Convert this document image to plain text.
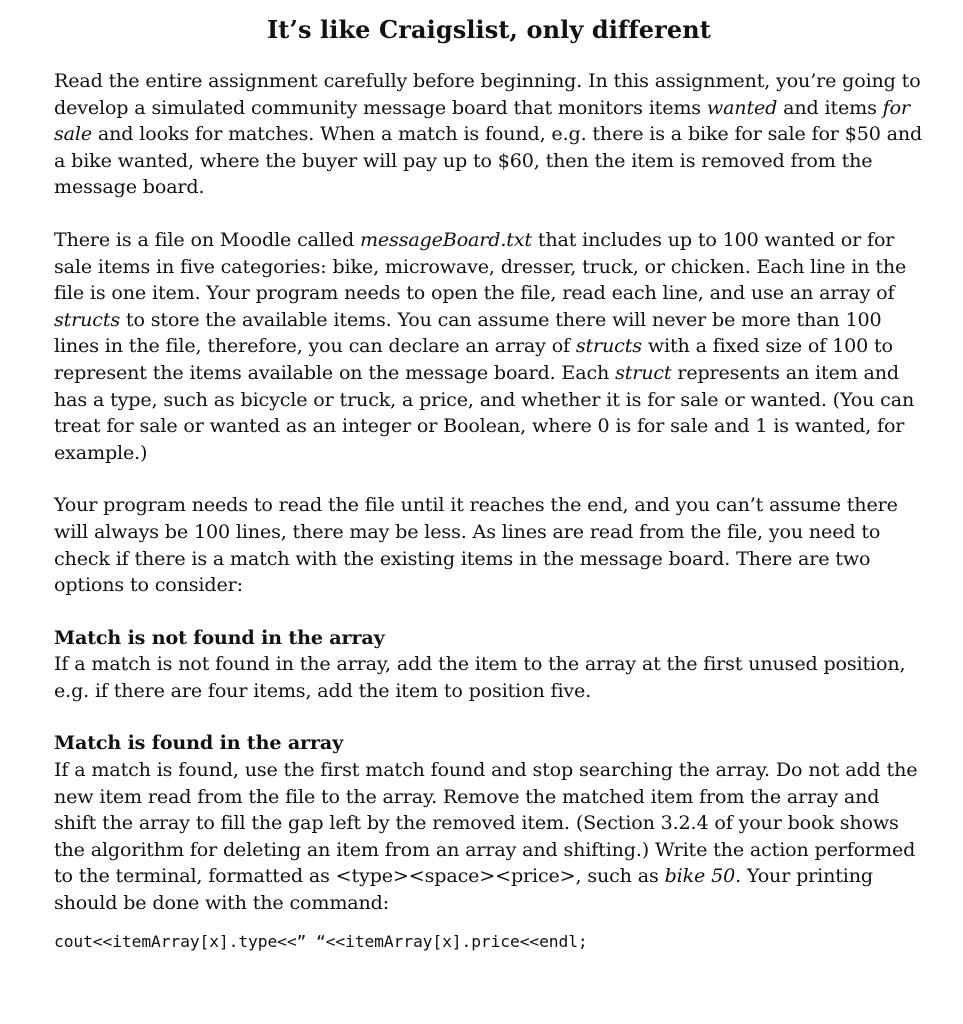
It’s like Craigslist, only different

Read the entire assignment carefully before beginning. In this assignment, you’re going to develop a simulated community message board that monitors items wanted and items for sale and looks for matches. When a match is found, e.g. there is a bike for sale for $50 and a bike wanted, where the buyer will pay up to $60, then the item is removed from the message board.

There is a file on Moodle called messageBoard.txt that includes up to 100 wanted or for sale items in five categories: bike, microwave, dresser, truck, or chicken. Each line in the file is one item. Your program needs to open the file, read each line, and use an array of structs to store the available items. You can assume there will never be more than 100 lines in the file, therefore, you can declare an array of structs with a fixed size of 100 to represent the items available on the message board. Each struct represents an item and has a type, such as bicycle or truck, a price, and whether it is for sale or wanted. (You can treat for sale or wanted as an integer or Boolean, where 0 is for sale and 1 is wanted, for example.)

Your program needs to read the file until it reaches the end, and you can’t assume there will always be 100 lines, there may be less. As lines are read from the file, you need to check if there is a match with the existing items in the message board. There are two options to consider:

Match is not found in the array

If a match is not found in the array, add the item to the array at the first unused position, e.g. if there are four items, add the item to position five.

Match is found in the array

If a match is found, use the first match found and stop searching the array. Do not add the new item read from the file to the array. Remove the matched item from the array and shift the array to fill the gap left by the removed item. (Section 3.2.4 of your book shows the algorithm for deleting an item from an array and shifting.) Write the action performed to the terminal, formatted as <type><space><price>, such as bike 50. Your printing should be done with the command:

cout<<itemArray[x].type<<” “<<itemArray[x].price<<endl;
